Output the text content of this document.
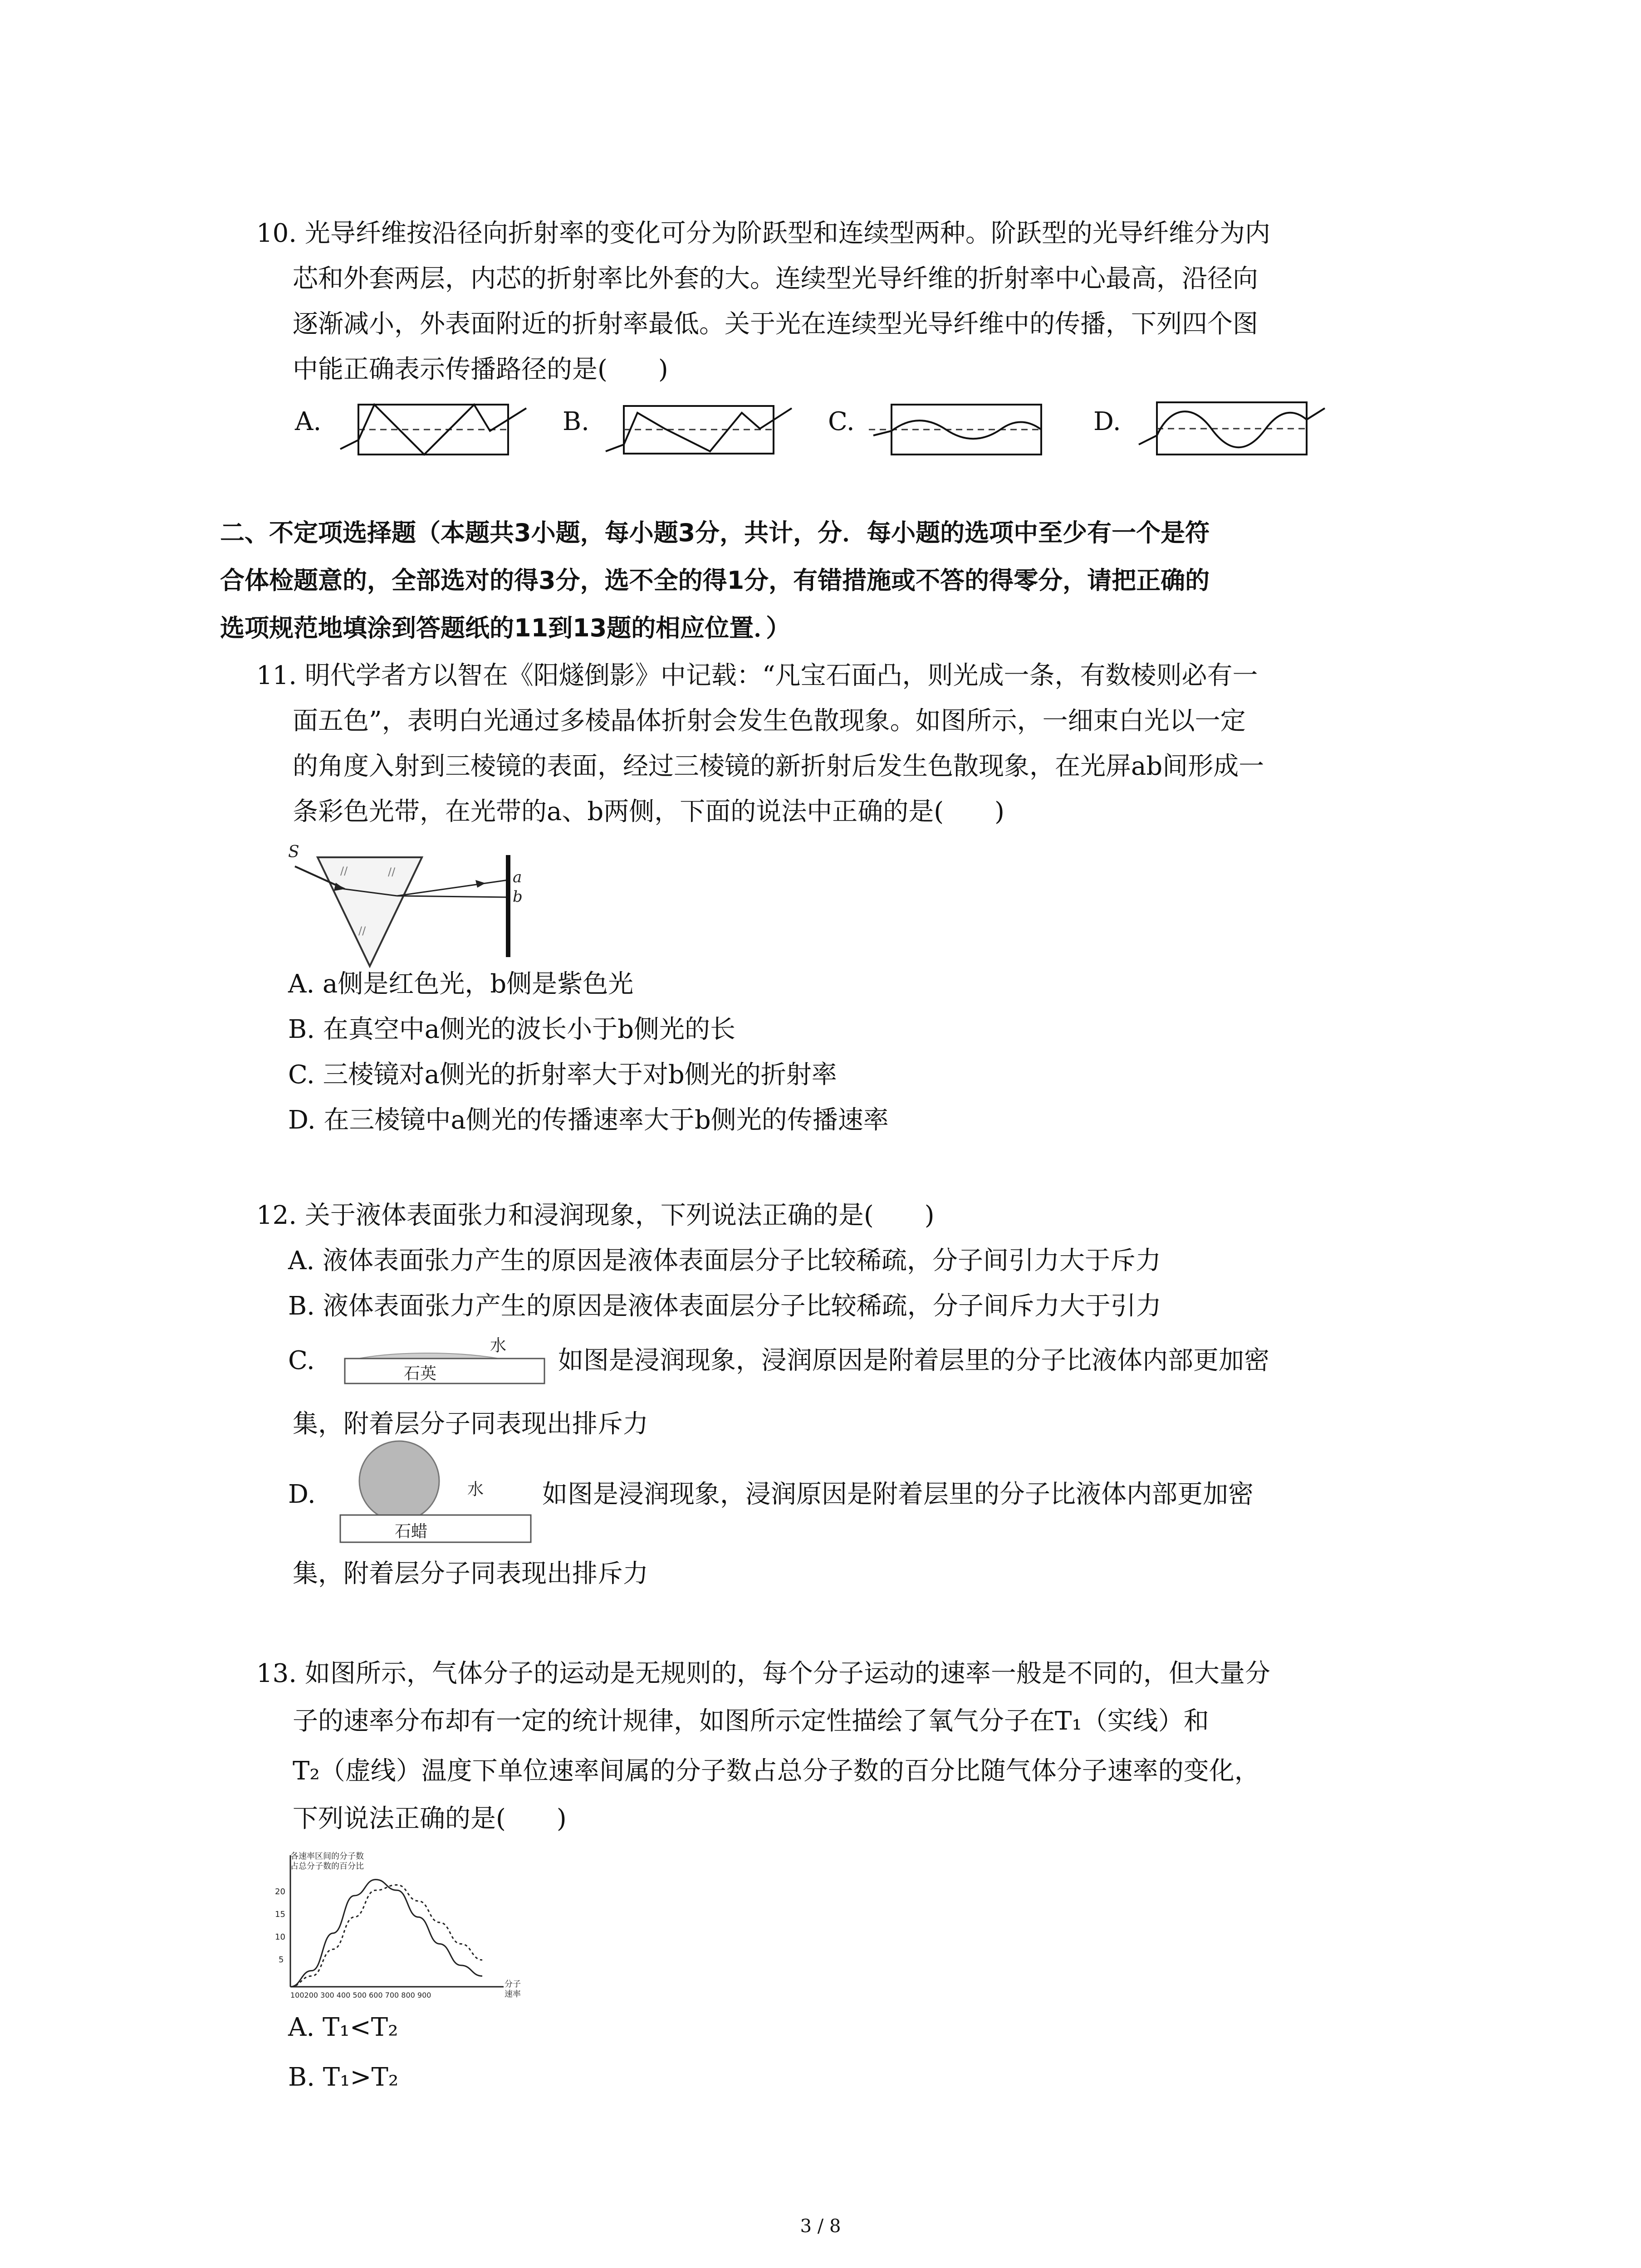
10. 光导纤维按沿径向折射率的变化可分为阶跃型和连续型两种。阶跃型的光导纤维分为内
芯和外套两层，内芯的折射率比外套的大。连续型光导纤维的折射率中心最高，沿径向
逐渐减小，外表面附近的折射率最低。关于光在连续型光导纤维中的传播，下列四个图
中能正确表示传播路径的是(　　)
A.	B.	C.	D.
二、不定项选择题（本题共3小题，每小题3分，共计，分．每小题的选项中至少有一个是符
合体检题意的，全部选对的得3分，选不全的得1分，有错措施或不答的得零分，请把正确的
选项规范地填涂到答题纸的11到13题的相应位置．）
11. 明代学者方以智在《阳燧倒影》中记载：“凡宝石面凸，则光成一条，有数棱则必有一
面五色”，表明白光通过多棱晶体折射会发生色散现象。如图所示，一细束白光以一定
的角度入射到三棱镜的表面，经过三棱镜的新折射后发生色散现象，在光屏ab间形成一
条彩色光带，在光带的a、b两侧，下面的说法中正确的是(　　)
//	//
//
S
a
b
A. a侧是红色光，b侧是紫色光
B. 在真空中a侧光的波长小于b侧光的长
C. 三棱镜对a侧光的折射率大于对b侧光的折射率
D. 在三棱镜中a侧光的传播速率大于b侧光的传播速率
12. 关于液体表面张力和浸润现象，下列说法正确的是(　　)
A. 液体表面张力产生的原因是液体表面层分子比较稀疏，分子间引力大于斥力
B. 液体表面张力产生的原因是液体表面层分子比较稀疏，分子间斥力大于引力
C.
水
石英	如图是浸润现象，浸润原因是附着层里的分子比液体内部更加密
集，附着层分子同表现出排斥力
D.	水
石蜡
如图是浸润现象，浸润原因是附着层里的分子比液体内部更加密
集，附着层分子同表现出排斥力
13. 如图所示，气体分子的运动是无规则的，每个分子运动的速率一般是不同的，但大量分
子的速率分布却有一定的统计规律，如图所示定性描绘了氧气分子在T₁（实线）和
T₂（虚线）温度下单位速率间属的分子数占总分子数的百分比随气体分子速率的变化，
下列说法正确的是(　　)
各速率区间的分子数
占总分子数的百分比
20
15
10
5
100200 300 400 500 600 700 800 900
分子
速率
A. T₁<T₂
B. T₁>T₂
3 / 8
